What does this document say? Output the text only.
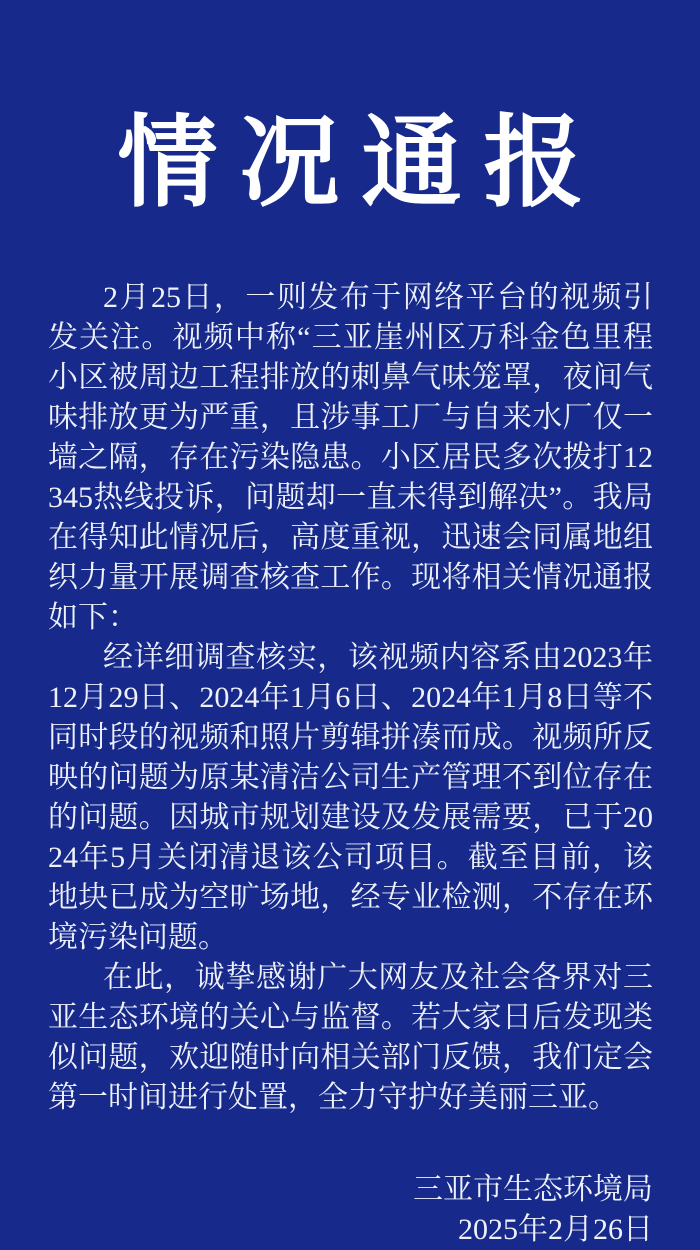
情况通报

2月25日，一则发布于网络平台的视频引发关注。视频中称“三亚崖州区万科金色里程小区被周边工程排放的刺鼻气味笼罩，夜间气味排放更为严重，且涉事工厂与自来水厂仅一墙之隔，存在污染隐患。小区居民多次拨打12345热线投诉，问题却一直未得到解决”。我局在得知此情况后，高度重视，迅速会同属地组织力量开展调查核查工作。现将相关情况通报如下：

经详细调查核实，该视频内容系由2023年12月29日、2024年1月6日、2024年1月8日等不同时段的视频和照片剪辑拼凑而成。视频所反映的问题为原某清洁公司生产管理不到位存在的问题。因城市规划建设及发展需要，已于2024年5月关闭清退该公司项目。截至目前，该地块已成为空旷场地，经专业检测，不存在环境污染问题。

在此，诚挚感谢广大网友及社会各界对三亚生态环境的关心与监督。若大家日后发现类似问题，欢迎随时向相关部门反馈，我们定会第一时间进行处置，全力守护好美丽三亚。

三亚市生态环境局
2025年2月26日
